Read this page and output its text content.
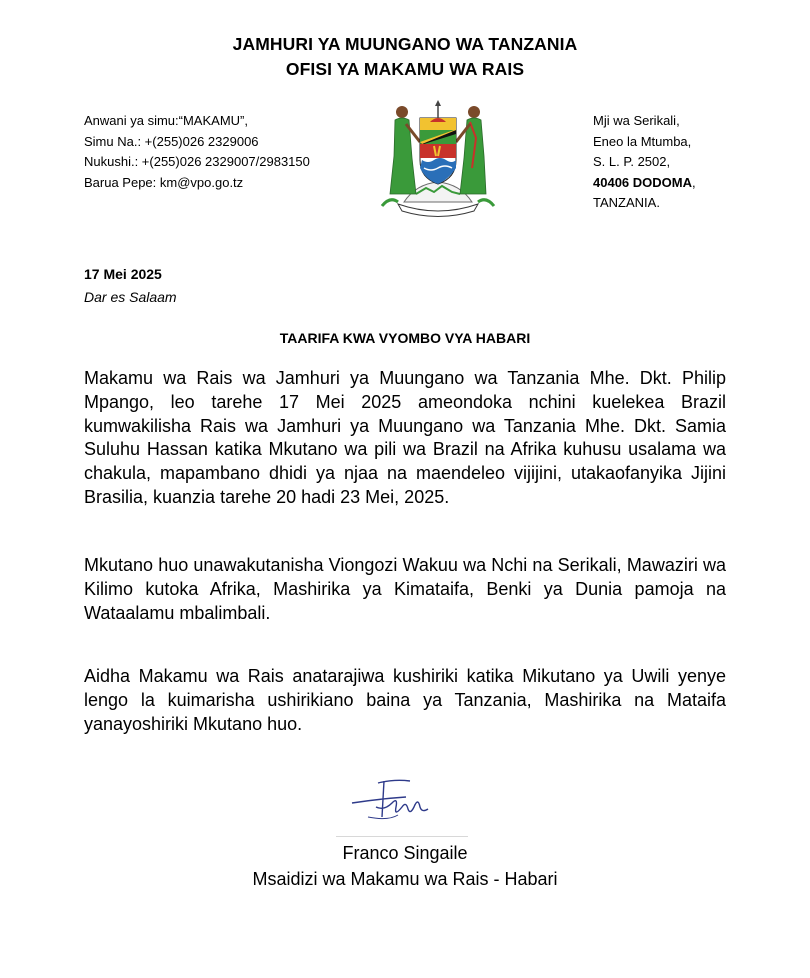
JAMHURI YA MUUNGANO WA TANZANIA
OFISI YA MAKAMU WA RAIS
Anwani ya simu:“MAKAMU”,
Simu Na.: +(255)026 2329006
Nukushi.: +(255)026 2329007/2983150
Barua Pepe: km@vpo.go.tz
Mji wa Serikali,
Eneo la Mtumba,
S. L. P. 2502,
40406 DODOMA,
TANZANIA.
17 Mei 2025
Dar es Salaam
TAARIFA KWA VYOMBO VYA HABARI
Makamu wa Rais wa Jamhuri ya Muungano wa Tanzania Mhe. Dkt. Philip Mpango, leo tarehe 17 Mei 2025 ameondoka nchini kuelekea Brazil kumwakilisha Rais wa Jamhuri ya Muungano wa Tanzania Mhe. Dkt. Samia Suluhu Hassan katika Mkutano wa pili wa Brazil na Afrika kuhusu usalama wa chakula, mapambano dhidi ya njaa na maendeleo vijijini, utakaofanyika Jijini Brasilia, kuanzia tarehe 20 hadi 23 Mei, 2025.
Mkutano huo unawakutanisha Viongozi Wakuu wa Nchi na Serikali, Mawaziri wa Kilimo kutoka Afrika, Mashirika ya Kimataifa, Benki ya Dunia pamoja na Wataalamu mbalimbali.
Aidha Makamu wa Rais anatarajiwa kushiriki katika Mikutano ya Uwili yenye lengo la kuimarisha ushirikiano baina ya Tanzania, Mashirika na Mataifa yanayoshiriki Mkutano huo.
Franco Singaile
Msaidizi wa Makamu wa Rais - Habari
